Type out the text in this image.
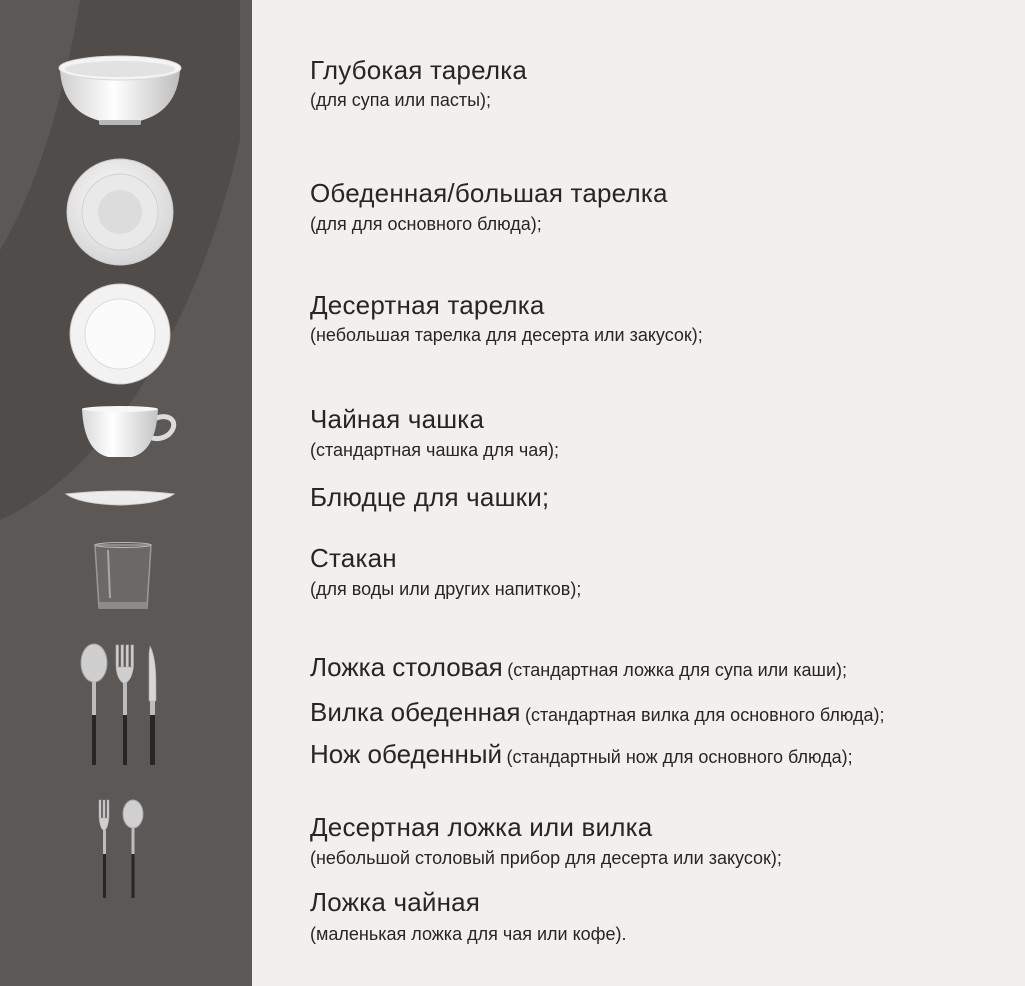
Глубокая тарелка
(для супа или пасты);
Обеденная/большая тарелка
(для для основного блюда);
Десертная тарелка
(небольшая тарелка для десерта или закусок);
Чайная чашка
(стандартная чашка для чая);
Блюдце для чашки;
Стакан
(для воды или других напитков);
Ложка столовая (стандартная ложка для супа или каши);
Вилка обеденная (стандартная вилка для основного блюда);
Нож обеденный (стандартный нож для основного блюда);
Десертная ложка или вилка
(небольшой столовый прибор для десерта или закусок);
Ложка чайная
(маленькая ложка для чая или кофе).
